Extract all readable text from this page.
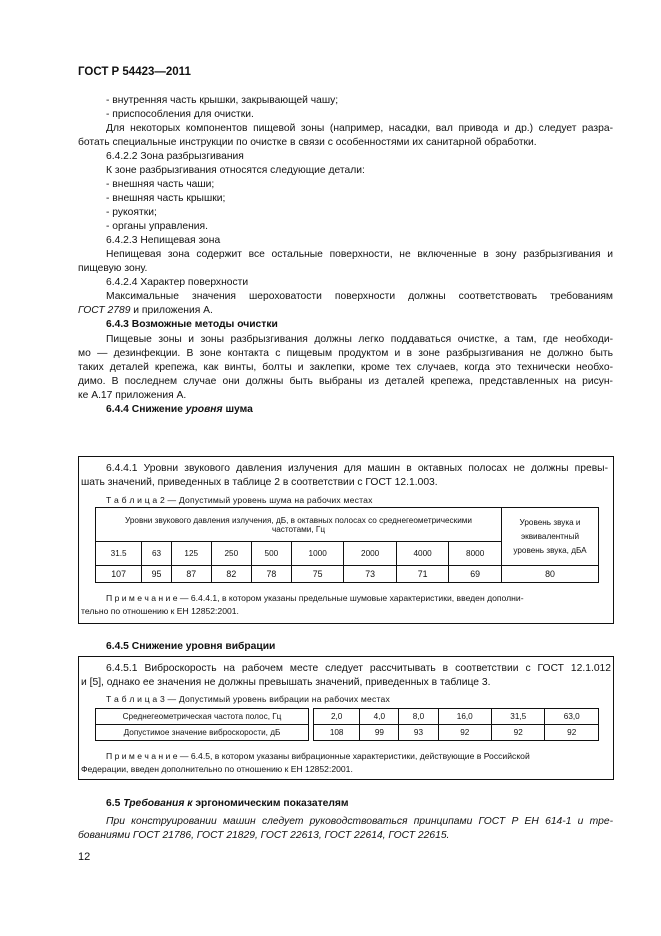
ГОСТ Р 54423—2011
- внутренняя часть крышки, закрывающей чашу;
- приспособления для очистки.
Для некоторых компонентов пищевой зоны (например, насадки, вал привода и др.) следует разра-
ботать специальные инструкции по очистке в связи с особенностями их санитарной обработки.
6.4.2.2 Зона разбрызгивания
К зоне разбрызгивания относятся следующие детали:
- внешняя часть чаши;
- внешняя часть крышки;
- рукоятки;
- органы управления.
6.4.2.3 Непищевая зона
Непищевая зона содержит все остальные поверхности, не включенные в зону разбрызгивания и
пищевую зону.
6.4.2.4 Характер поверхности
Максимальные значения шероховатости поверхности должны соответствовать требованиям
ГОСТ 2789 и приложения А.
6.4.3 Возможные методы очистки
Пищевые зоны и зоны разбрызгивания должны легко поддаваться очистке, а там, где необходи-
мо — дезинфекции. В зоне контакта с пищевым продуктом и в зоне разбрызгивания не должно быть
таких деталей крепежа, как винты, болты и заклепки, кроме тех случаев, когда это технически необхо-
димо. В последнем случае они должны быть выбраны из деталей крепежа, представленных на рисун-
ке А.17 приложения А.
6.4.4 Снижение уровня шума
6.4.4.1 Уровни звукового давления излучения для машин в октавных полосах не должны превы-
шать значений, приведенных в таблице 2 в соответствии с ГОСТ 12.1.003.
Т а б л и ц а 2 — Допустимый уровень шума на рабочих местах
Уровни звукового давления излучения, дБ, в октавных полосах со среднегеометрическими
частотами, Гц									Уровень звука и
эквивалентный
уровень звука, дБА
31.5	63	125	250	500	1000	2000	4000	8000	
107	95	87	82	78	75	73	71	69	80
П р и м е ч а н и е — 6.4.4.1, в котором указаны предельные шумовые характеристики, введен дополни-
тельно по отношению к ЕН 12852:2001.
6.4.5 Снижение уровня вибрации
6.4.5.1 Виброскорость на рабочем месте следует рассчитывать в соответствии с ГОСТ 12.1.012
и [5], однако ее значения не должны превышать значений, приведенных в таблице 3.
Т а б л и ц а 3 — Допустимый уровень вибрации на рабочих местах
Среднегеометрическая частота полос, Гц		2,0	4,0	8,0	16,0	31,5	63,0
Допустимое значение виброскорости, дБ		108	99	93	92	92	92
П р и м е ч а н и е — 6.4.5, в котором указаны вибрационные характеристики, действующие в Российской
Федерации, введен дополнительно по отношению к ЕН 12852:2001.
6.5 Требования к эргономическим показателям
При конструировании машин следует руководствоваться принципами ГОСТ Р ЕН 614-1 и тре-
бованиями ГОСТ 21786, ГОСТ 21829, ГОСТ 22613, ГОСТ 22614, ГОСТ 22615.
12
